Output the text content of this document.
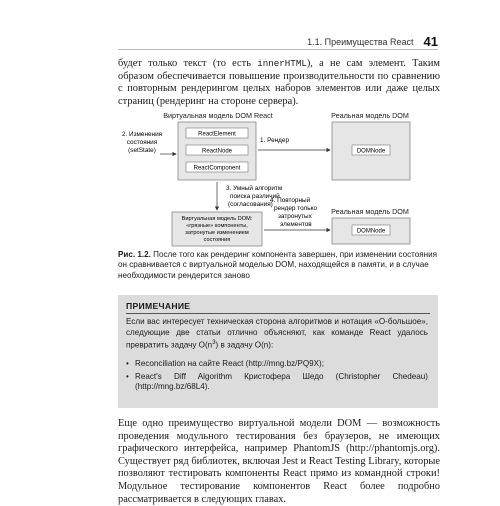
1.1. Преимущества React 41
будет только текст (то есть innerHTML), а не сам элемент. Таким образом обеспечивается повышение производительности по сравнению с повторным рендерингом целых наборов элементов или даже целых страниц (рендеринг на стороне сервера).
Виртуальная модель DOM React	Реальная модель DOM
ReactElement
ReactNode
ReactComponent
DOMNode
1. Рендер
2. Изменения
состояния
(setState)
3. Умный алгоритм
поиска различий
(согласования)
Виртуальная модель DOM:
«грязные» компоненты,
затронутые изменением
состояния
Реальная модель DOM
DOMNode
4. Повторный
рендер только
затронутых
элементов
Рис. 1.2. После того как рендеринг компонента завершен, при изменении состояния он сравнивается с виртуальной моделью DOM, находящейся в памяти, и в случае необходимости рендерится заново
ПРИМЕЧАНИЕ
Если вас интересует техническая сторона алгоритмов и нотация «О-большое», следующие две статьи отлично объясняют, как команде React удалось превратить задачу $O(n^3)$ в задачу O(n):
• Reconciliation на сайте React (http://mng.bz/PQ9X);
• React's Diff Algorithm Кристофера Шедо (Christopher Chedeau) (http://mng.bz/68L4).
Еще одно преимущество виртуальной модели DOM — возможность проведения модульного тестирования без браузеров, не имеющих графического интерфейса, например PhantomJS (http://phantomjs.org). Существует ряд библиотек, включая Jest и React Testing Library, которые позволяют тестировать компоненты React прямо из командной строки! Модульное тестирование компонентов React более подробно рассматривается в следующих главах.
